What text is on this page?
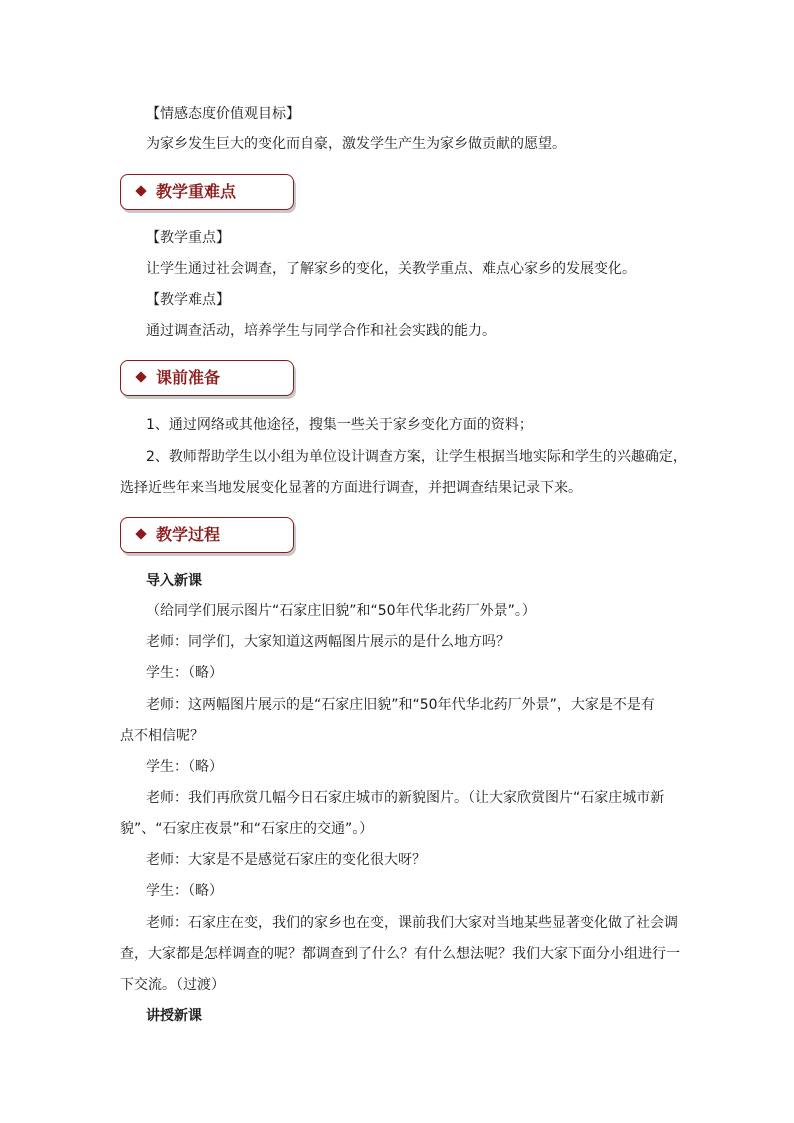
【情感态度价值观目标】
为家乡发生巨大的变化而自豪，激发学生产生为家乡做贡献的愿望。
教学重难点
【教学重点】
让学生通过社会调查，了解家乡的变化，关教学重点、难点心家乡的发展变化。
【教学难点】
通过调查活动，培养学生与同学合作和社会实践的能力。
课前准备
1、通过网络或其他途径，搜集一些关于家乡变化方面的资料；
2、教师帮助学生以小组为单位设计调查方案，让学生根据当地实际和学生的兴趣确定，
选择近些年来当地发展变化显著的方面进行调查，并把调查结果记录下来。
教学过程
导入新课
（给同学们展示图片“石家庄旧貌”和“50年代华北药厂外景”。）
老师：同学们，大家知道这两幅图片展示的是什么地方吗？
学生：（略）
老师：这两幅图片展示的是“石家庄旧貌”和“50年代华北药厂外景”，大家是不是有
点不相信呢？
学生：（略）
老师：我们再欣赏几幅今日石家庄城市的新貌图片。（让大家欣赏图片“石家庄城市新
貌”、“石家庄夜景”和“石家庄的交通”。）
老师：大家是不是感觉石家庄的变化很大呀？
学生：（略）
老师：石家庄在变，我们的家乡也在变，课前我们大家对当地某些显著变化做了社会调
查，大家都是怎样调查的呢？都调查到了什么？有什么想法呢？我们大家下面分小组进行一
下交流。（过渡）
讲授新课
